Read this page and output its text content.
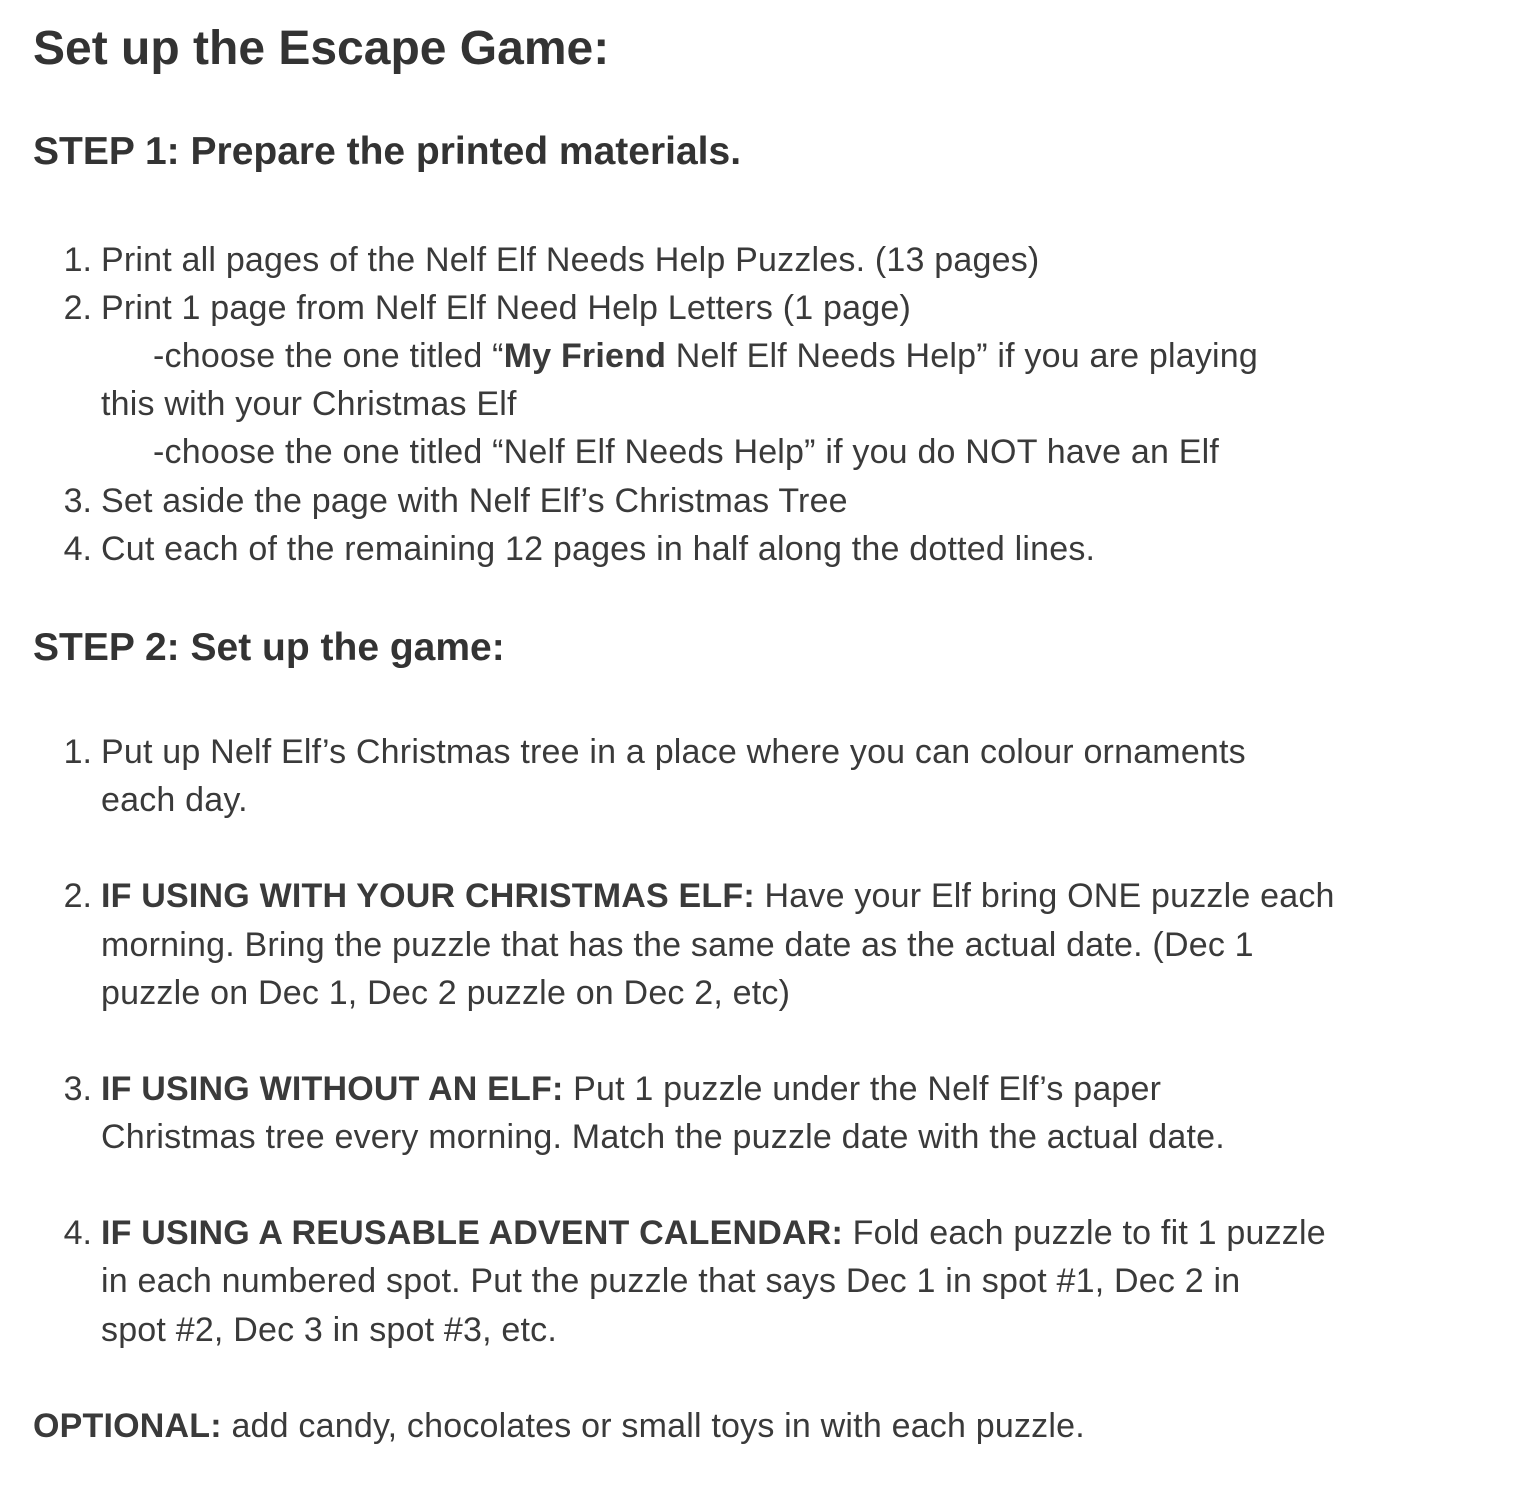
Set up the Escape Game:
STEP 1: Prepare the printed materials.
1. Print all pages of the Nelf Elf Needs Help Puzzles. (13 pages)
2. Print 1 page from Nelf Elf Need Help Letters (1 page)
-choose the one titled “My Friend Nelf Elf Needs Help” if you are playing
this with your Christmas Elf
-choose the one titled “Nelf Elf Needs Help” if you do NOT have an Elf
3. Set aside the page with Nelf Elf’s Christmas Tree
4. Cut each of the remaining 12 pages in half along the dotted lines.
STEP 2: Set up the game:
1. Put up Nelf Elf’s Christmas tree in a place where you can colour ornaments
each day.
2. IF USING WITH YOUR CHRISTMAS ELF: Have your Elf bring ONE puzzle each
morning. Bring the puzzle that has the same date as the actual date. (Dec 1
puzzle on Dec 1, Dec 2 puzzle on Dec 2, etc)
3. IF USING WITHOUT AN ELF: Put 1 puzzle under the Nelf Elf’s paper
Christmas tree every morning. Match the puzzle date with the actual date.
4. IF USING A REUSABLE ADVENT CALENDAR: Fold each puzzle to fit 1 puzzle
in each numbered spot. Put the puzzle that says Dec 1 in spot #1, Dec 2 in
spot #2, Dec 3 in spot #3, etc.
OPTIONAL: add candy, chocolates or small toys in with each puzzle.
